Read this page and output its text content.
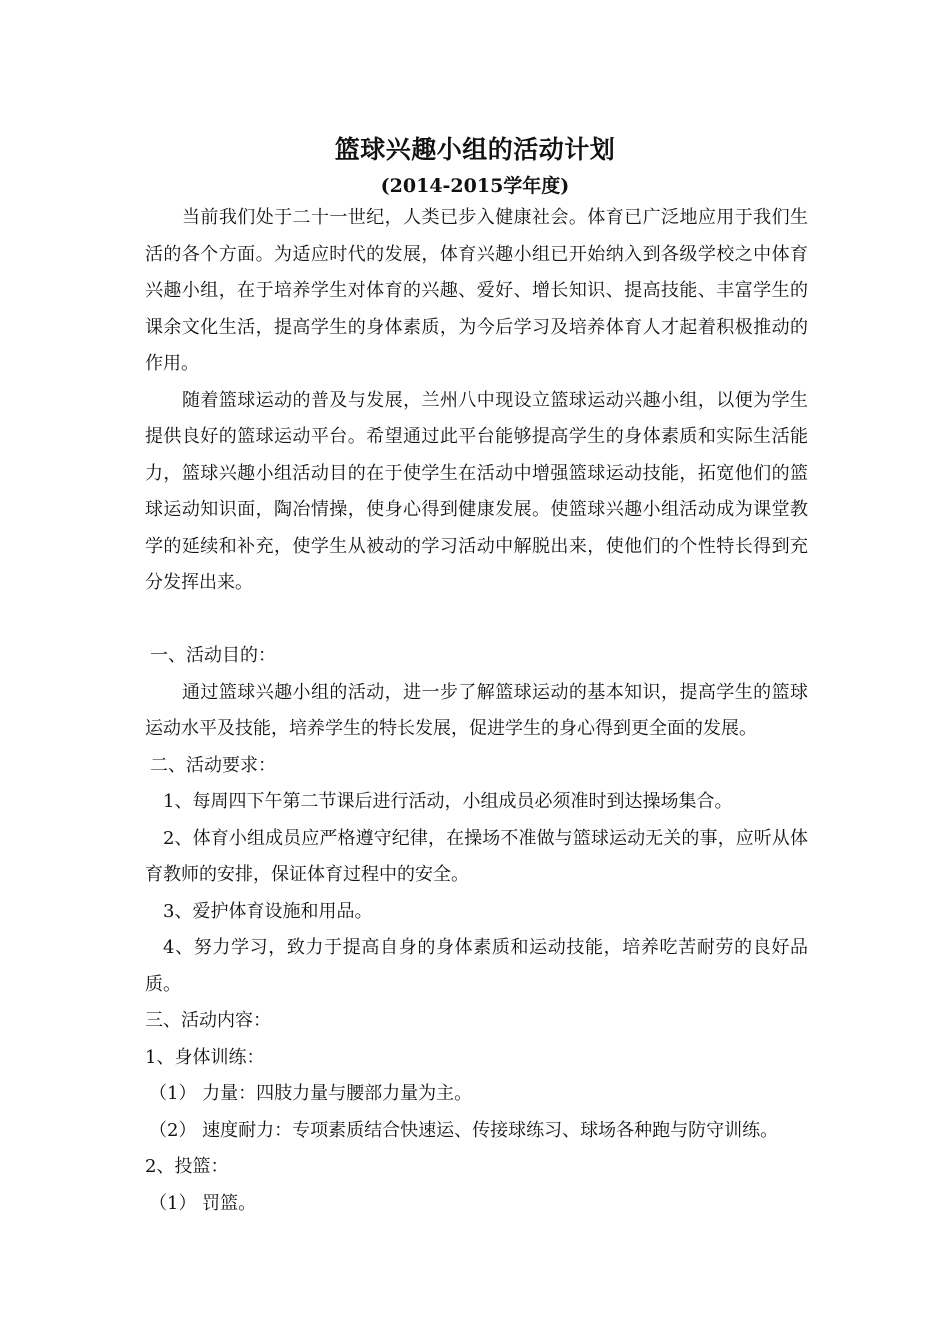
篮球兴趣小组的活动计划
(2014-2015学年度)

当前我们处于二十一世纪，人类已步入健康社会。体育已广泛地应用于我们生活的各个方面。为适应时代的发展，体育兴趣小组已开始纳入到各级学校之中体育兴趣小组，在于培养学生对体育的兴趣、爱好、增长知识、提高技能、丰富学生的课余文化生活，提高学生的身体素质，为今后学习及培养体育人才起着积极推动的作用。

随着篮球运动的普及与发展，兰州八中现设立篮球运动兴趣小组，以便为学生提供良好的篮球运动平台。希望通过此平台能够提高学生的身体素质和实际生活能力，篮球兴趣小组活动目的在于使学生在活动中增强篮球运动技能，拓宽他们的篮球运动知识面，陶冶情操，使身心得到健康发展。使篮球兴趣小组活动成为课堂教学的延续和补充，使学生从被动的学习活动中解脱出来，使他们的个性特长得到充分发挥出来。

一、活动目的：

通过篮球兴趣小组的活动，进一步了解篮球运动的基本知识，提高学生的篮球运动水平及技能，培养学生的特长发展，促进学生的身心得到更全面的发展。

二、活动要求：

1、每周四下午第二节课后进行活动，小组成员必须准时到达操场集合。

2、体育小组成员应严格遵守纪律，在操场不准做与篮球运动无关的事，应听从体育教师的安排，保证体育过程中的安全。

3、爱护体育设施和用品。

4、努力学习，致力于提高自身的身体素质和运动技能，培养吃苦耐劳的良好品质。

三、活动内容：

1、身体训练：

（1） 力量：四肢力量与腰部力量为主。

（2） 速度耐力：专项素质结合快速运、传接球练习、球场各种跑与防守训练。

2、投篮：

（1） 罚篮。
